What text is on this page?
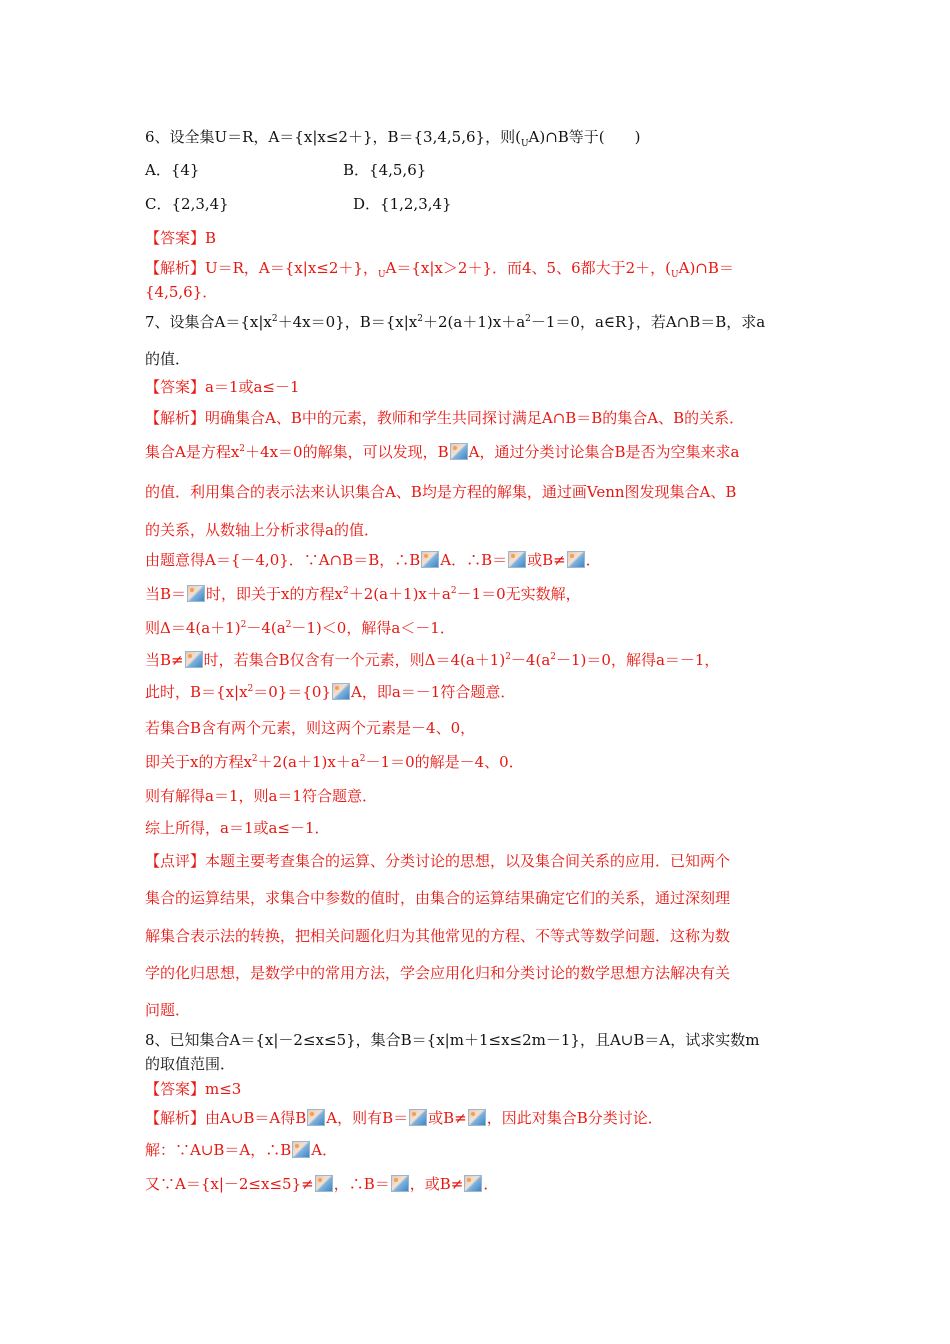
6、设全集U＝R，A＝{x|x≤2＋}，B＝{3,4,5,6}，则$(_UA)\cap B$等于(　　)
A．{4}	B．{4,5,6}
C．{2,3,4}	D．{1,2,3,4}
【答案】B
【解析】U＝R，A＝{x|x≤2＋}，$_U$A＝{x|x＞2＋}．而4、5、6都大于2＋，$(_UA)\cap B=$
{4,5,6}．
7、设集合$A=\{x|x^2+4x=0\}$，$B=\{x|x^2+2(a+1)x+a^2-1=0$，a∈R}，若A∩B＝B，求a
的值．
【答案】a＝1或a≤－1
【解析】明确集合A、B中的元素，教师和学生共同探讨满足A∩B＝B的集合A、B的关系．
集合A是方程$x^2+4x=0$的解集，可以发现，B A，通过分类讨论集合B是否为空集来求a
的值．利用集合的表示法来认识集合A、B均是方程的解集，通过画Venn图发现集合A、B
的关系，从数轴上分析求得a的值．
由题意得A＝{－4,0}．∵A∩B＝B，∴B A．∴B＝ 或B≠ ．
当B＝ 时，即关于x的方程$x^2+2(a+1)x+a^2-1=0$无实数解，
则$\Delta=4(a+1)^2-4(a^2-1)<0$，解得a＜－1．
当B≠ 时，若集合B仅含有一个元素，则$\Delta=4(a+1)^2-4(a^2-1)=0$，解得a＝－1，
此时，$B=\{x|x^2=0\}=\{0\}$ A，即a＝－1符合题意．
若集合B含有两个元素，则这两个元素是－4、0，
即关于x的方程$x^2+2(a+1)x+a^2-1=0$的解是－4、0．
则有解得a＝1，则a＝1符合题意．
综上所得，a＝1或a≤－1．
【点评】本题主要考查集合的运算、分类讨论的思想，以及集合间关系的应用．已知两个
集合的运算结果，求集合中参数的值时，由集合的运算结果确定它们的关系，通过深刻理
解集合表示法的转换，把相关问题化归为其他常见的方程、不等式等数学问题．这称为数
学的化归思想，是数学中的常用方法，学会应用化归和分类讨论的数学思想方法解决有关
问题．
8、已知集合A＝{x|－2≤x≤5}，集合B＝{x|m＋1≤x≤2m－1}，且A∪B＝A，试求实数m
的取值范围．
【答案】m≤3
【解析】由A∪B＝A得B A，则有B＝ 或B≠ ，因此对集合B分类讨论．
解：∵A∪B＝A，∴B A．
又∵A＝{x|－2≤x≤5}≠ ，∴B＝ ，或B≠ ．
